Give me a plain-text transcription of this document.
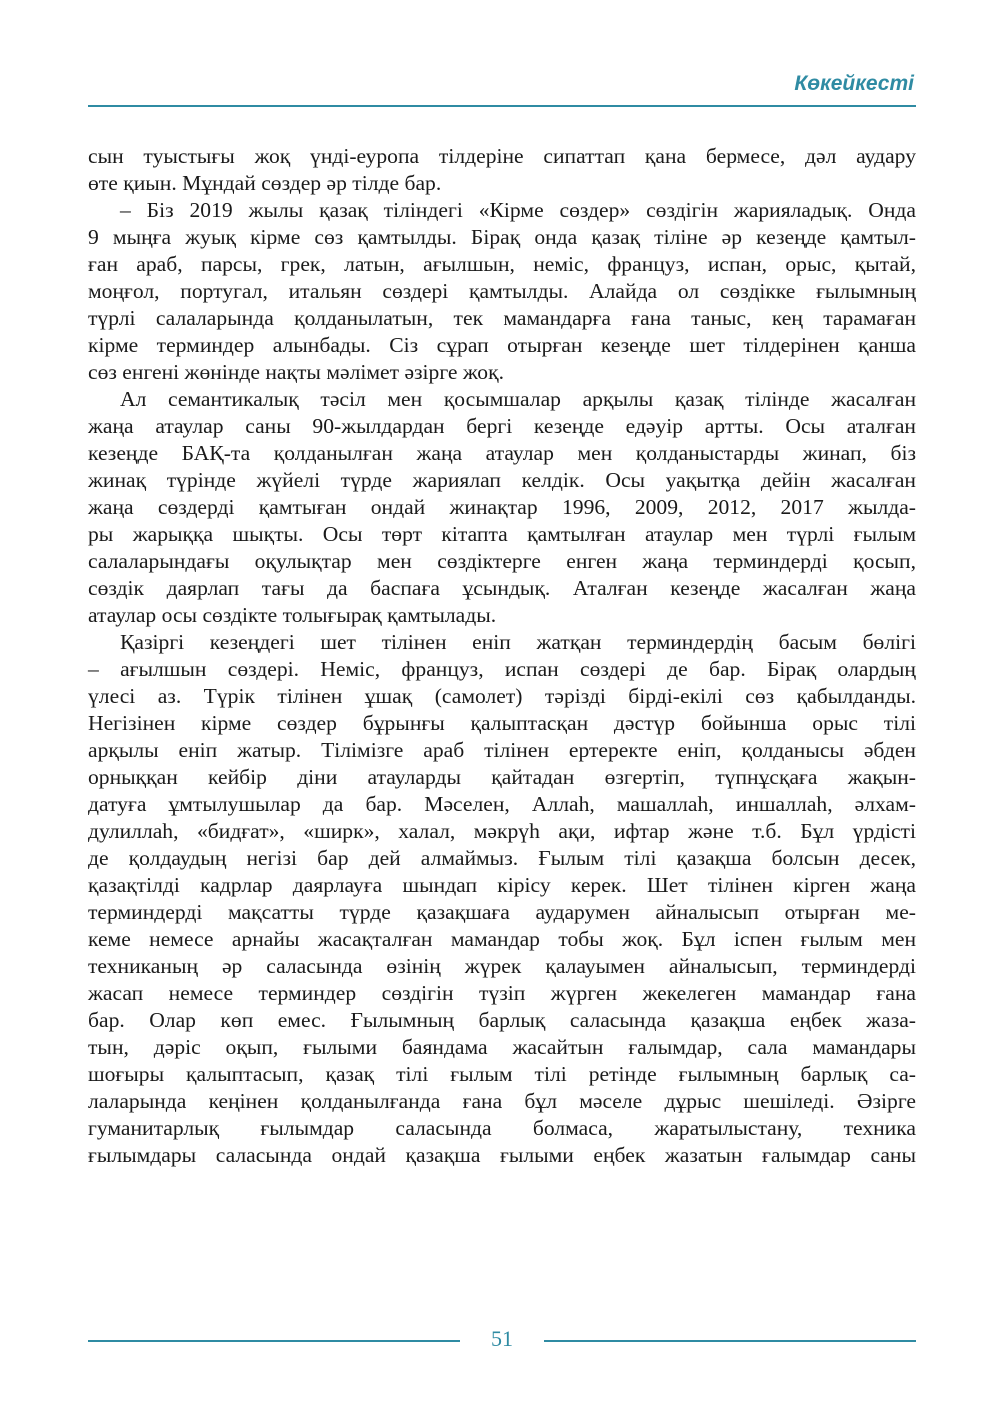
Көкейкесті
сын туыстығы жоқ үнді-еуропа тілдеріне сипаттап қана бермесе, дәл аудару
өте қиын. Мұндай сөздер әр тілде бар.
– Біз 2019 жылы қазақ тіліндегі «Кірме сөздер» сөздігін жарияладық. Онда
9 мыңға жуық кірме сөз қамтылды. Бірақ онда қазақ тіліне әр кезеңде қамтыл-
ған араб, парсы, грек, латын, ағылшын, неміс, француз, испан, орыс, қытай,
моңғол, португал, итальян сөздері қамтылды. Алайда ол сөздікке ғылымның
түрлі салаларында қолданылатын, тек мамандарға ғана таныс, кең тарамаған
кірме терминдер алынбады. Сіз сұрап отырған кезеңде шет тілдерінен қанша
сөз енгені жөнінде нақты мәлімет әзірге жоқ.
Ал семантикалық тәсіл мен қосымшалар арқылы қазақ тілінде жасалған
жаңа атаулар саны 90-жылдардан бергі кезеңде едәуір артты. Осы аталған
кезеңде БАҚ-та қолданылған жаңа атаулар мен қолданыстарды жинап, біз
жинақ түрінде жүйелі түрде жариялап келдік. Осы уақытқа дейін жасалған
жаңа сөздерді қамтыған ондай жинақтар 1996, 2009, 2012, 2017 жылда-
ры жарыққа шықты. Осы төрт кітапта қамтылған атаулар мен түрлі ғылым
салаларындағы оқулықтар мен сөздіктерге енген жаңа терминдерді қосып,
сөздік даярлап тағы да баспаға ұсындық. Аталған кезеңде жасалған жаңа
атаулар осы сөздікте толығырақ қамтылады.
Қазіргі кезеңдегі шет тілінен еніп жатқан терминдердің басым бөлігі
– ағылшын сөздері. Неміс, француз, испан сөздері де бар. Бірақ олардың
үлесі аз. Түрік тілінен ұшақ (самолет) тәрізді бірді-екілі сөз қабылданды.
Негізінен кірме сөздер бұрынғы қалыптасқан дәстүр бойынша орыс тілі
арқылы еніп жатыр. Тілімізге араб тілінен ертеректе еніп, қолданысы әбден
орныққан кейбір діни атауларды қайтадан өзгертіп, түпнұсқаға жақын-
датуға ұмтылушылар да бар. Мәселен, Аллаһ, машаллаһ, иншаллаһ, әлхам-
дулиллаһ, «бидғат», «ширк», халал, мәкрүһ ақи, ифтар және т.б. Бұл үрдісті
де қолдаудың негізі бар дей алмаймыз. Ғылым тілі қазақша болсын десек,
қазақтілді кадрлар даярлауға шындап кірісу керек. Шет тілінен кірген жаңа
терминдерді мақсатты түрде қазақшаға аударумен айналысып отырған ме-
кеме немесе арнайы жасақталған мамандар тобы жоқ. Бұл іспен ғылым мен
техниканың әр саласында өзінің жүрек қалауымен айналысып, терминдерді
жасап немесе терминдер сөздігін түзіп жүрген жекелеген мамандар ғана
бар. Олар көп емес. Ғылымның барлық саласында қазақша еңбек жаза-
тын, дәріс оқып, ғылыми баяндама жасайтын ғалымдар, сала мамандары
шоғыры қалыптасып, қазақ тілі ғылым тілі ретінде ғылымның барлық са-
лаларында кеңінен қолданылғанда ғана бұл мәселе дұрыс шешіледі. Әзірге
гуманитарлық ғылымдар саласында болмаса, жаратылыстану, техника
ғылымдары саласында ондай қазақша ғылыми еңбек жазатын ғалымдар саны
51
